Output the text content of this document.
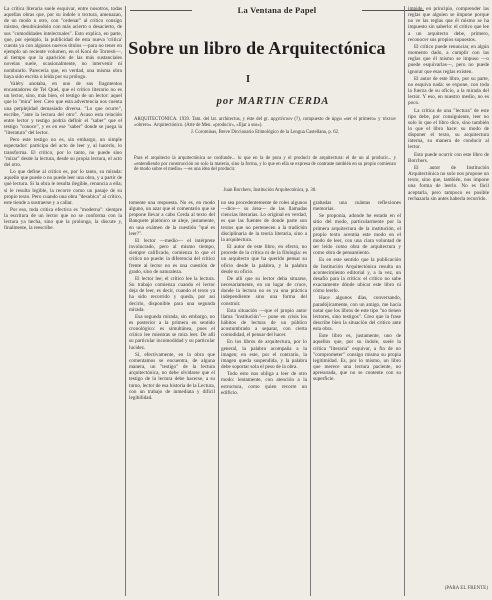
La Ventana de Papel
Sobre un libro de Arquitectónica
I
por MARTIN CERDA

ARQUITECTONICA. 1939. Tam. del lat. architectus, y éste del gr. αρχιτέκτων (?), compuesto de άρχω «ser el primero» y τέκτων «obrero». Arquitectónico. (Arte de Men. «producir», «fijar a sus»).

J. Corominas, Breve Diccionario Etimológico de la Lengua Castellana, p. 62.

Para el arquitecto la arquitectónica se confunde... lo que en la de pura y el producir de arquitectura: el de un al producir... y «entendiendo por construcción no solo la materia, sino la forma, y lo que en ella se expresa de contraste también en su propio comienzo de modo sobre el medio» —es una idea del producir.

Juan Borchers, Institución Arquitectónica, p. 30.

La crítica literaria suele esquivar, entre nosotros, todas aquellas obras que, por su índole o textura, amenazan, de un modo u otro, con "ordenar" al crítico consigo mismo, desubicándolo con más acierto o desacierto, de sus "comodidades intelectuales". Esto explica, en parte, que, por ejemplo, la publicidad de esta nueva 'critica' cuenta ya con algunos nuevos títulos —para no tener en ejemplo un reciente volumen, en el Koní de Torresti—, al tiempo que la aparición de las más sustanciales novelas suele, ocasionalmente, no intervenir ni nombrarlo. Parecería que, en verdad, una misma obra haya sido escrita o leída por su prólogo.

Valéry anotaba, en uno de sus fragmentos encantadores de Tel Quel, que el crítico literario no es un lector, sino, más bien, el testigo de un lector: aquel que lo "mira" leer. Creo que esta advertencia nos cuenta una perplejidad demasiado diversa. "Lo que ocurre", escribe, "ante la lectura del otro". Acaso esta relación entre lector y testigo podría definir el "saber" que el testigo "conoce", y es en ese "saber" donde se juega la "literatura" del lector.

Pero este testigo no es, sin embargo, un simple espectador: participa del acto de leer y, al hacerlo, lo transforma. El crítico, por lo tanto, no puede sino "mirar" desde la lectura, desde su propia lectura, el acto del otro.

Lo que define al crítico es, por lo tanto, su mirada: aquello que puede o no puede leer una obra, y a partir de qué lectura. Si la obra le resulta ilegible, renuncia a ella; si le resulta legible, la recorre como un pasaje de su propio texto. Pero cuando una obra "desubica" al crítico, este tiende a sustraerse y a callar.

Por eso, toda crítica efectiva es "moderna": siempre la escritura de un lector que no se conforma con la lectura ya hecha, sino que la prolonga, la discute y, finalmente, la reescribe.

tomente una respuesta. No es, en modo alguno, un azar que el comentario que se propone llevar a cabo Cerda al texto del Banquete platónico se aleje, justamente, en una exámen de la cuestión "qué es leer?".

El lector —medio— el intérprete involucrado, pero al mismo tiempo, siempre calificado, comienza lo que el crítico no puede: la diferencia del crítico frente al lector no es una cuestión de grado, sino de naturaleza.

El lector lee; el crítico lee la lectura. Su trabajo comienza cuando el lector deja de leer, es decir, cuando el texto ya ha sido recorrido y queda, por así decirlo, disponible para una segunda mirada.

Esa segunda mirada, sin embargo, no es posterior a la primera en sentido cronológico: es simultánea, pues el crítico lee mientras se mira leer. De allí su particular incomodidad y su particular lucidez.

Si, efectivamente, en la obra que comentamos se encuentra, de alguna manera, un "testigo" de la lectura arquitectónica, no debe olvidarse que el testigo de la lectura debe hacerse, a su turno, lector de esa historia de la Lectura, con un trabajo de inmediata y difícil legibilidad.

no sea procedentemente de roles algunos —dice— su área— de las llamadas ciencias literarias. Lo original en verdad, es que las fuentes de donde parte son textos que no pertenecen a la tradición disciplinaria de la teoría literaria, sino a la arquitectura.

El autor de este libro, en efecto, no procede de la crítica ni de la filología: es un arquitecto que ha querido pensar su oficio desde la palabra, y la palabra desde su oficio.

De allí que su lector deba situarse, necesariamente, en un lugar de cruce, donde la lectura no es ya una práctica independiente sino una forma del construir.

Esta situación —que el propio autor llama "institución"— pone en crisis los hábitos de lectura de un público acostumbrado a separar, con cierta comodidad, el pensar del hacer.

En los libros de arquitectura, por lo general, la palabra acompaña a la imagen; en este, por el contrario, la imagen queda suspendida, y la palabra debe soportar sola el peso de la obra.

Todo esto nos obliga a leer de otro modo: lentamente, con atención a la estructura, como quien recorre un edificio.

grabadas una cuántas reflexiones memorias.

Se proponía, adonde he estado en el sitio del modo, particularmente por la primera arquitectura de la institución, el propio texto acentúa este modo en el modo de leer, con una clara voluntad de ser leído como obra de arquitectura y como obra de pensamiento.

Es en este sentido que la publicación de Institución Arquitectónica resulta un acontecimiento editorial y, a la vez, un desafío para la crítica: el crítico no sabe exactamente dónde ubicar este libro ni cómo leerlo.

Hace algunos días, conversando, paradójicamente, con un amigo, me hacía notar que los libros de este tipo "no tienen lectores, sino testigos". Creo que la frase describe bien la situación del crítico ante esta obra.

Este libro es, justamente, uno de aquellos que, por su índole, suele la crítica "literaria" esquivar, a fin de no "comprometer" consigo misma su propia legitimidad. Es, por lo mismo, un libro que merece una lectura paciente, no apresurada, que no se contente con su superficie.

impide, en principio, comprender las reglas que alguien se impone porque no ve las reglas que él mismo se ha impuesto sin saberlo: el crítico que lee a un arquitecto debe, primero, reconocer sus propios supuestos.

El crítico puede renunciar, en algún momento dado, a cumplir con las reglas que él mismo se impuso —o puede esquivarlas—, pero no puede ignorar que esas reglas existen.

El autor de este libro, por su parte, no esquiva nada: se expone, con toda la fuerza de su oficio, a la mirada del lector. Y eso, en nuestro medio, no es poco.

La crítica de una "lectura" de este tipo debe, por consiguiente, leer no solo lo que el libro dice, sino también lo que el libro hace: su modo de disponer el texto, su arquitectura interna, su manera de conducir al lector.

Esto puede ocurrir con este libro de Borchers.

El autor de Institución Arquitectónica no solo nos propone un texto, sino que, también, nos impone una forma de leerlo. No es fácil aceptarla, pero tampoco es posible rechazarla sin antes haberla recorrido.

(PARA EL FRENTE)
